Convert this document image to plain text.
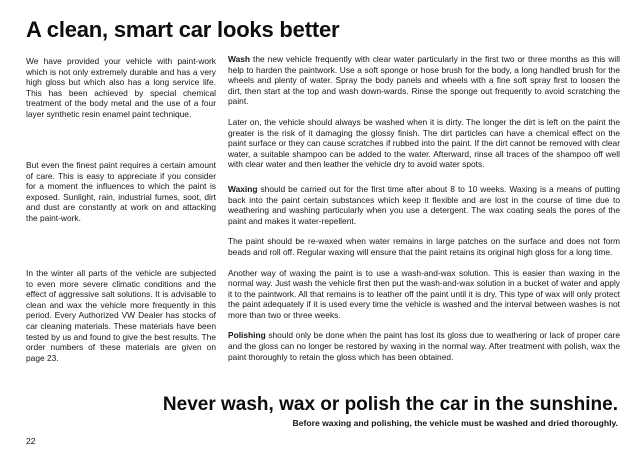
A clean, smart car looks better

We have provided your vehicle with paint-work which is not only extremely durable and has a very high gloss but which also has a long service life. This has been achieved by special chemical treatment of the body metal and the use of a four layer synthetic resin enamel paint technique.

But even the finest paint requires a certain amount of care. This is easy to appreciate if you consider for a moment the influences to which the paint is exposed. Sunlight, rain, industrial fumes, soot, dirt and dust are constantly at work on and attacking the paint-work.

In the winter all parts of the vehicle are subjected to even more severe climatic conditions and the effect of aggressive salt solutions. It is advisable to clean and wax the vehicle more frequently in this period. Every Authorized VW Dealer has stocks of car cleaning materials. These materials have been tested by us and found to give the best results. The order numbers of these materials are given on page 23.

Wash the new vehicle frequently with clear water particularly in the first two or three months as this will help to harden the paintwork. Use a soft sponge or hose brush for the body, a long handled brush for the wheels and plenty of water. Spray the body panels and wheels with a fine soft spray first to loosen the dirt, then start at the top and wash down-wards. Rinse the sponge out frequently to avoid scratching the paint.

Later on, the vehicle should always be washed when it is dirty. The longer the dirt is left on the paint the greater is the risk of it damaging the glossy finish. The dirt particles can have a chemical effect on the paint surface or they can cause scratches if rubbed into the paint. If the dirt cannot be removed with clear water, a suitable shampoo can be added to the water. Afterward, rinse all traces of the shampoo off well with clear water and then leather the vehicle dry to avoid water spots.

Waxing should be carried out for the first time after about 8 to 10 weeks. Waxing is a means of putting back into the paint certain substances which keep it flexible and are lost in the course of time due to weathering and washing particularly when you use a detergent. The wax coating seals the pores of the paint and makes it water-repellent.

The paint should be re-waxed when water remains in large patches on the surface and does not form beads and roll off. Regular waxing will ensure that the paint retains its original high gloss for a long time.

Another way of waxing the paint is to use a wash-and-wax solution. This is easier than waxing in the normal way. Just wash the vehicle first then put the wash-and-wax solution in a bucket of water and apply it to the paintwork. All that remains is to leather off the paint until it is dry. This type of wax will only protect the paint adequately if it is used every time the vehicle is washed and the interval between washes is not more than two or three weeks.

Polishing should only be done when the paint has lost its gloss due to weathering or lack of proper care and the gloss can no longer be restored by waxing in the normal way. After treatment with polish, wax the paint thoroughly to retain the gloss which has been obtained.

Never wash, wax or polish the car in the sunshine.

Before waxing and polishing, the vehicle must be washed and dried thoroughly.

22
